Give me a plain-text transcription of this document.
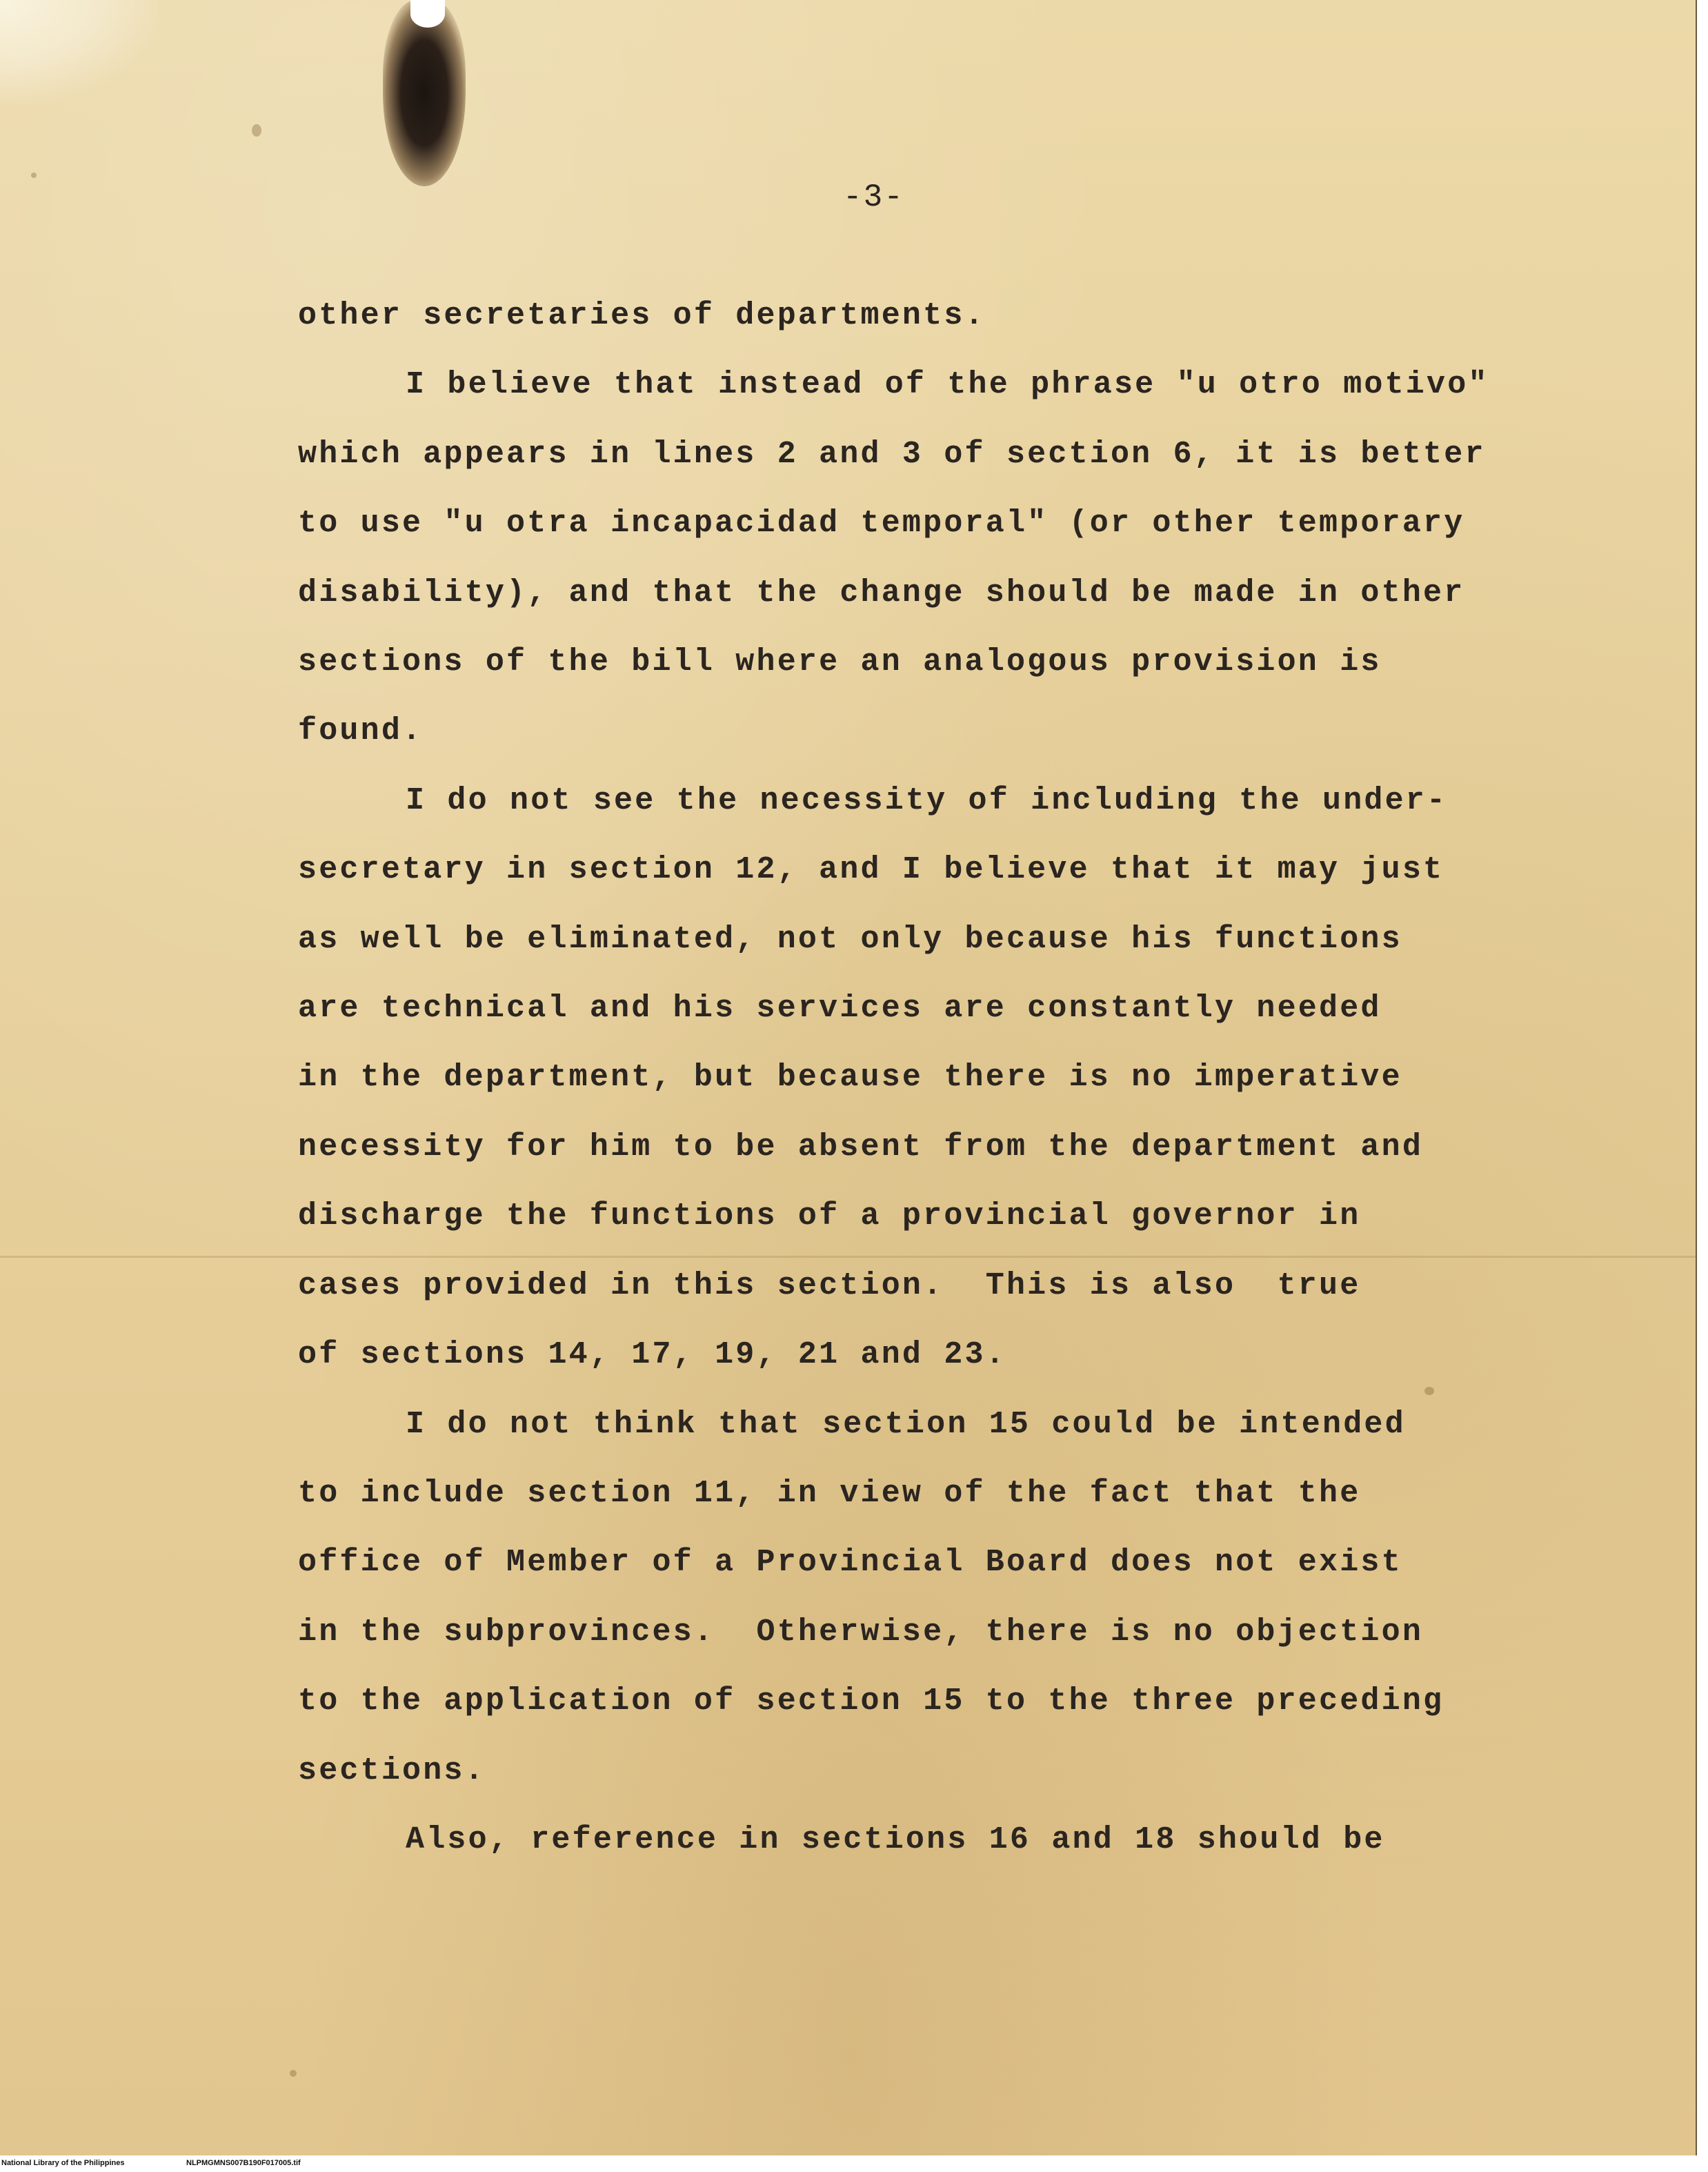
-3-

other secretaries of departments.

I believe that instead of the phrase "u otro motivo"

which appears in lines 2 and 3 of section 6, it is better

to use "u otra incapacidad temporal" (or other temporary

disability), and that the change should be made in other

sections of the bill where an analogous provision is

found.

I do not see the necessity of including the under-

secretary in section 12, and I believe that it may just

as well be eliminated, not only because his functions

are technical and his services are constantly needed

in the department, but because there is no imperative

necessity for him to be absent from the department and

discharge the functions of a provincial governor in

cases provided in this section.  This is also  true

of sections 14, 17, 19, 21 and 23.

I do not think that section 15 could be intended

to include section 11, in view of the fact that the

office of Member of a Provincial Board does not exist

in the subprovinces.  Otherwise, there is no objection

to the application of section 15 to the three preceding

sections.

Also, reference in sections 16 and 18 should be

National Library of the Philippines	NLPMGMNS007B190F017005.tif
